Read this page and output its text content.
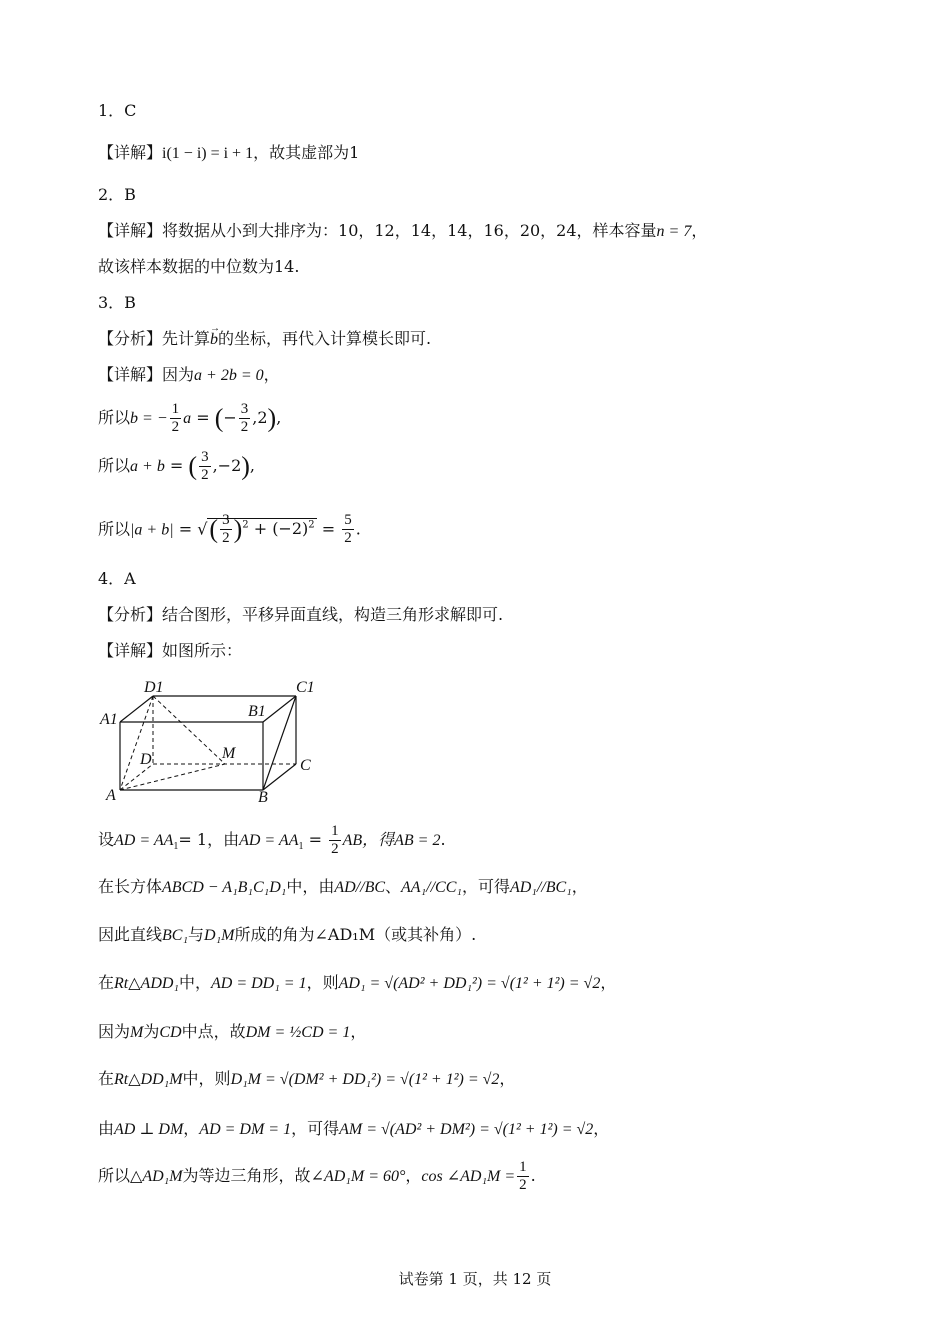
1．C
【详解】i(1 − i) = i + 1，故其虚部为1
2．B
【详解】将数据从小到大排序为：10，12，14，14，16，20，24，样本容量n = 7，
故该样本数据的中位数为14.
3．B
【分析】先计算→ b的坐标，再代入计算模长即可.
【详解】因为a + 2b = 0，
所以b = − $\frac{1}{2}$ a = (− $\frac{3}{2} ,2$),
所以a + b = ( $\frac{3}{2} ,-2$),
所以|a + b| = √( $\frac{3}{2} )^2 + (-2)^2 = \frac{5}{2}$ .
4．A
【分析】结合图形，平移异面直线，构造三角形求解即可.
【详解】如图所示：
D1	C1
A1	B1
D	M
C
A	B
设AD = $AA_1= 1$，由AD = $AA_1 = \frac{1}{2}$ AB，得AB = 2.
在长方体ABCD − A₁B₁C₁D₁中，由AD//BC、AA₁//CC₁，可得AD₁//BC₁，
因此直线BC₁与D₁M所成的角为∠AD₁M（或其补角）.
在Rt△ADD₁中，AD = DD₁ = 1，则AD₁ = √(AD² + DD₁²) = √(1² + 1²) = √2，
因为M为CD中点，故DM = ½CD = 1，
在Rt△DD₁M中，则D₁M = √(DM² + DD₁²) = √(1² + 1²) = √2，
由AD ⊥ DM，AD = DM = 1，可得AM = √(AD² + DM²) = √(1² + 1²) = √2，
所以△AD₁M为等边三角形，故∠AD₁M = 60°，cos ∠AD₁M = $\frac{1}{2}$ .
试卷第 1 页，共 12 页
